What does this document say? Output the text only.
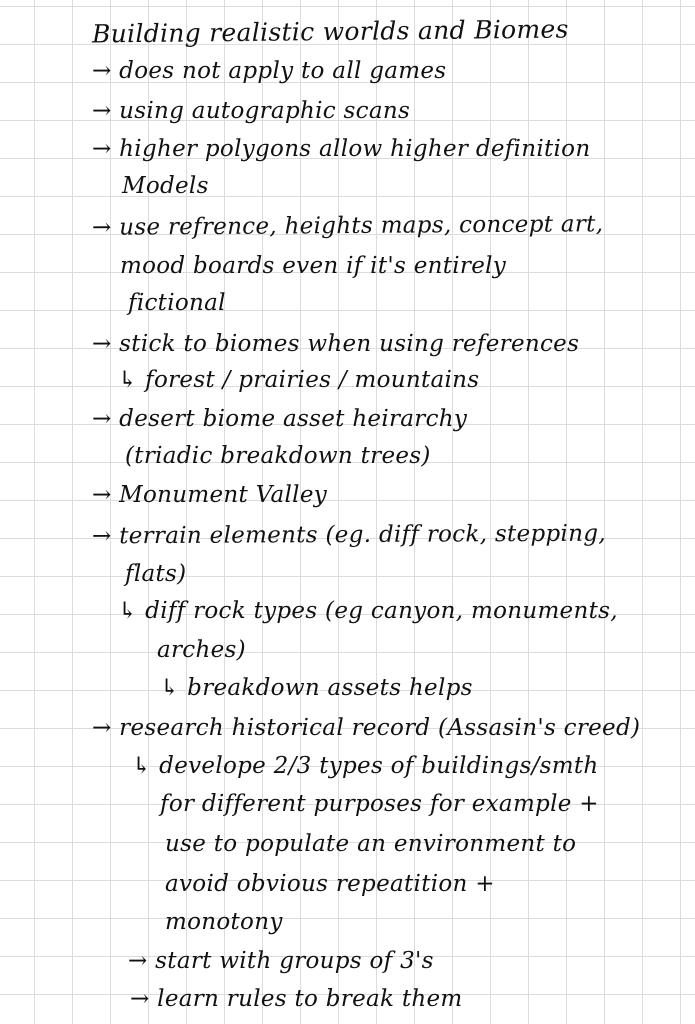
Building realistic worlds and Biomes
→ does not apply to all games
→ using autographic scans
→ higher polygons allow higher definition
Models
→ use refrence, heights maps, concept art,
mood boards even if it's entirely
fictional
→ stick to biomes when using references
↳ forest / prairies / mountains
→ desert biome asset heirarchy
(triadic breakdown trees)
→ Monument Valley
→ terrain elements (eg. diff rock, stepping,
flats)
↳ diff rock types (eg canyon, monuments,
arches)
↳ breakdown assets helps
→ research historical record (Assasin's creed)
↳ develope 2/3 types of buildings/smth
for different purposes for example +
use to populate an environment to
avoid obvious repeatition +
monotony
→ start with groups of 3's
→ learn rules to break them
